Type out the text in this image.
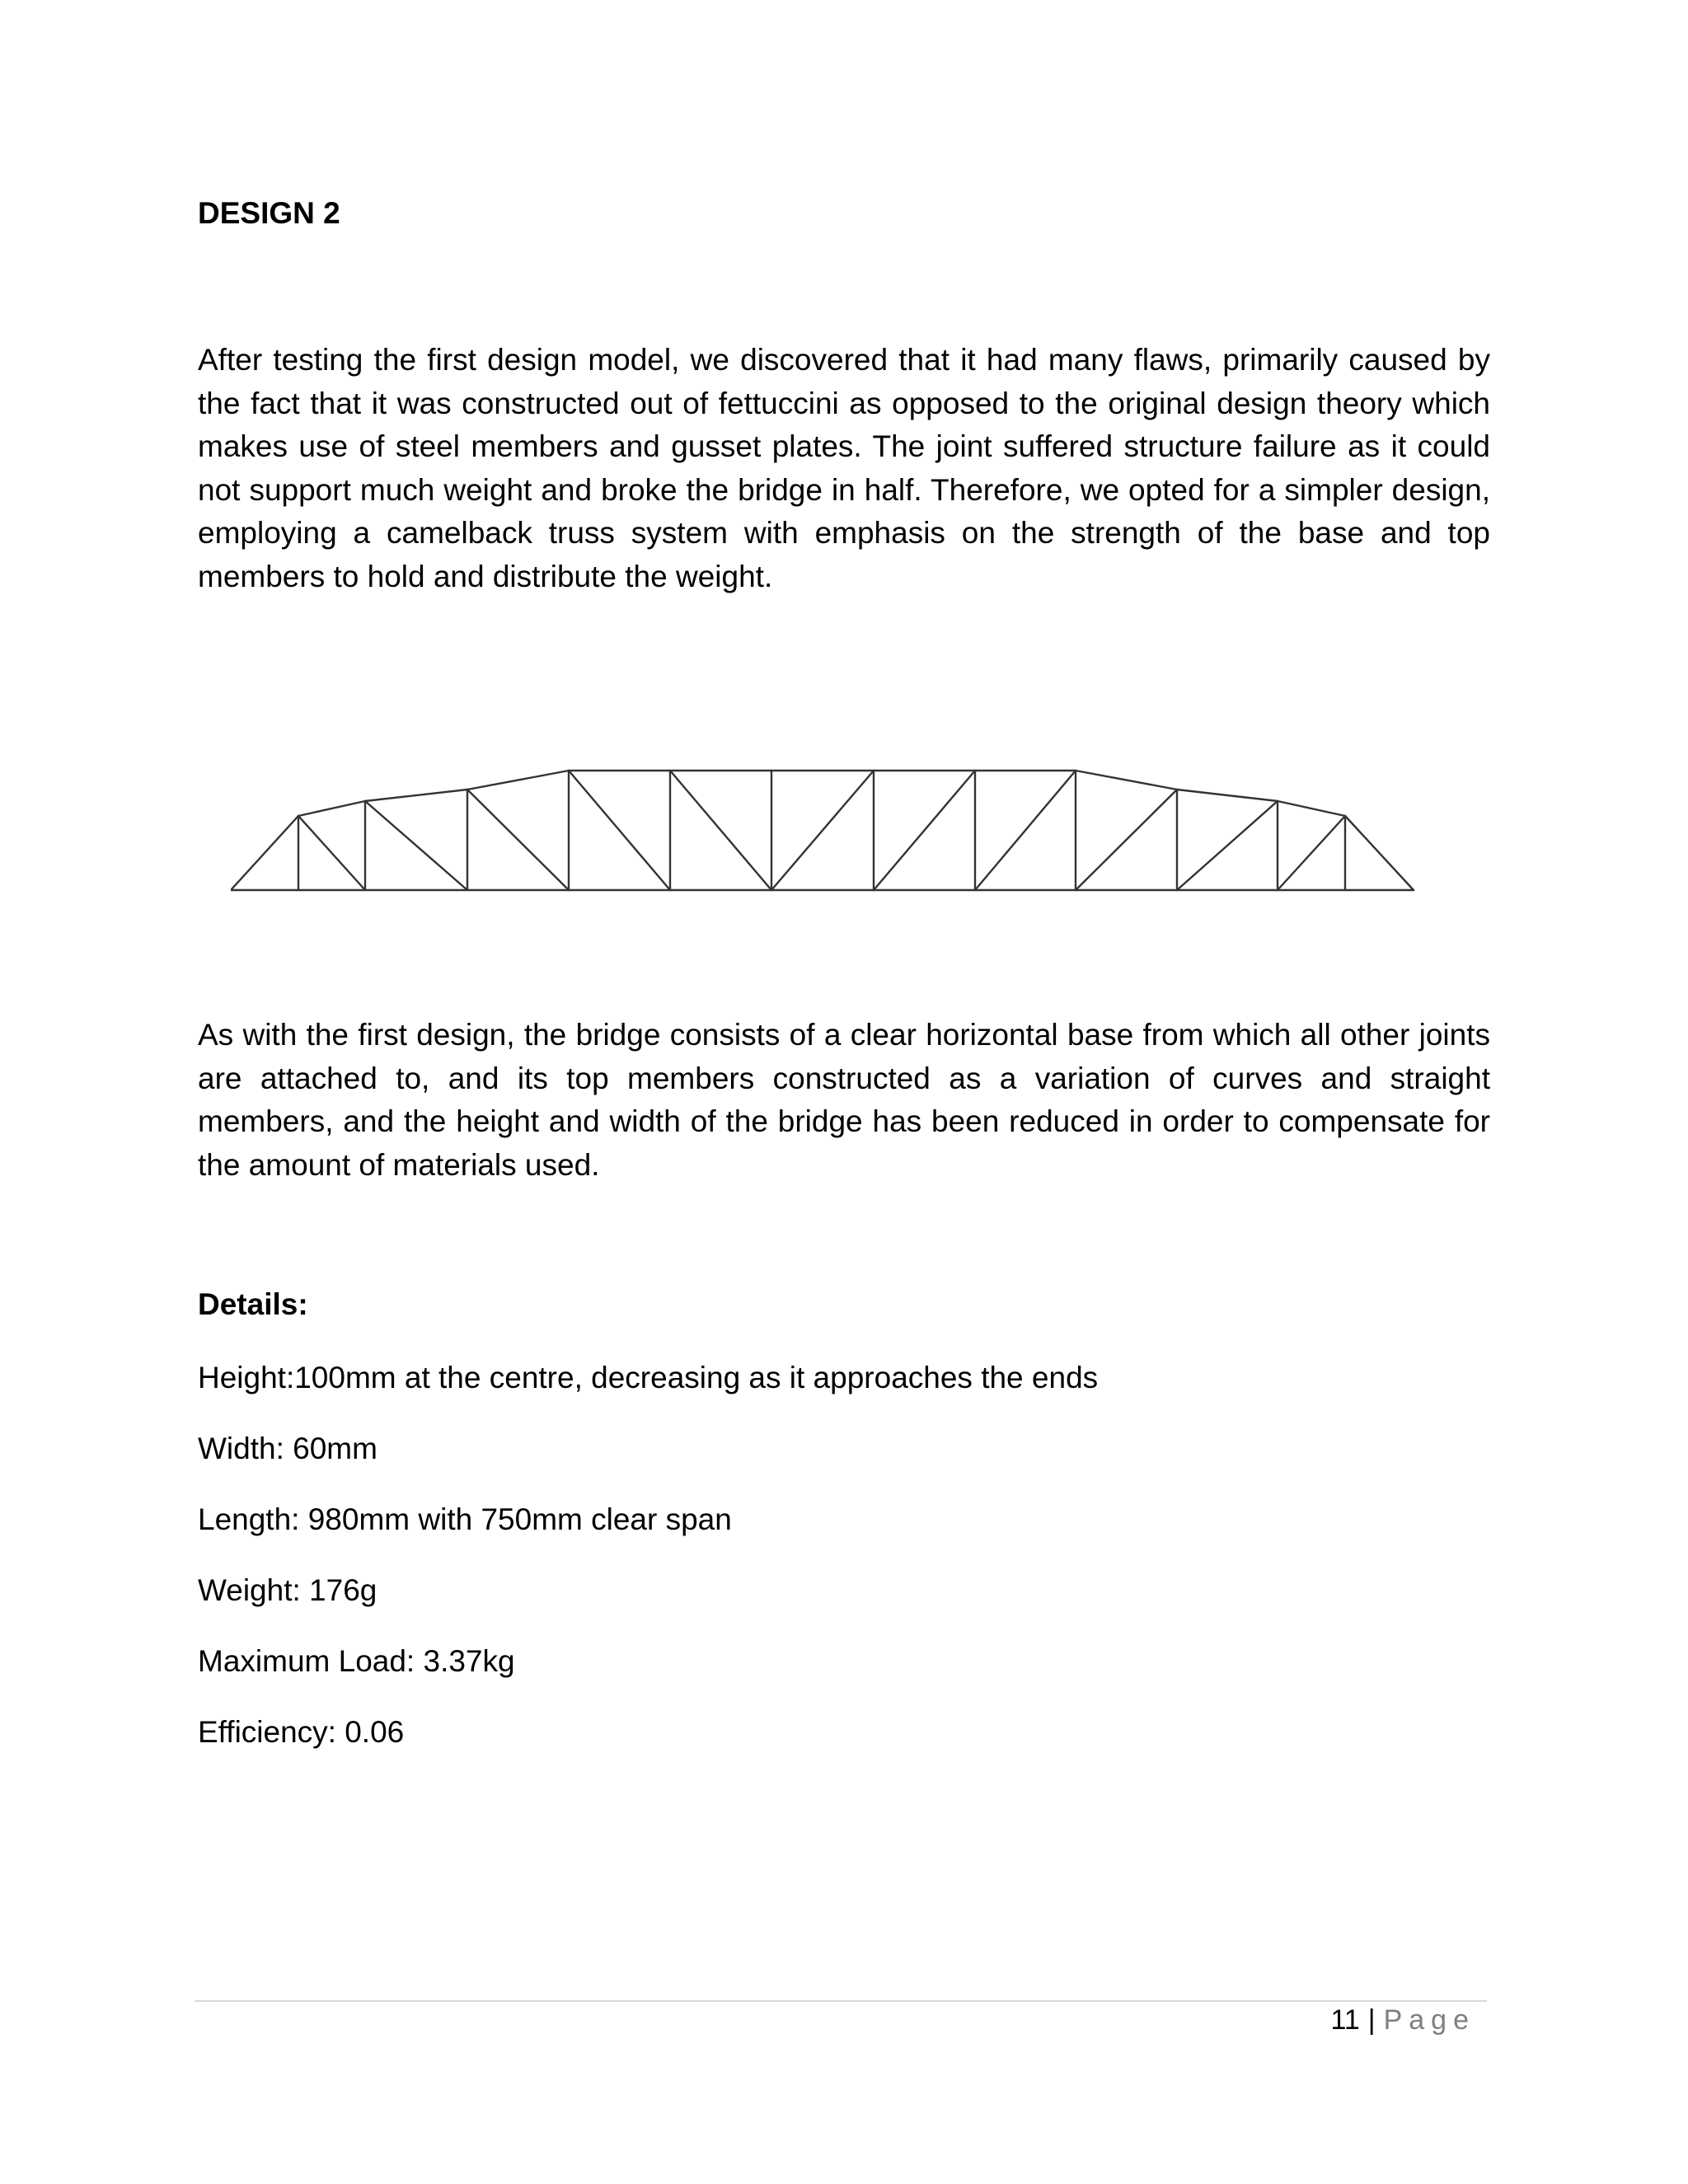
DESIGN 2

After testing the first design model, we discovered that it had many flaws, primarily caused by the fact that it was constructed out of fettuccini as opposed to the original design theory which makes use of steel members and gusset plates. The joint suffered structure failure as it could not support much weight and broke the bridge in half. Therefore, we opted for a simpler design, employing a camelback truss system with emphasis on the strength of the base and top members to hold and distribute the weight.

As with the first design, the bridge consists of a clear horizontal base from which all other joints are attached to, and its top members constructed as a variation of curves and straight members, and the height and width of the bridge has been reduced in order to compensate for the amount of materials used.

Details:
Height:100mm at the centre, decreasing as it approaches the ends
Width: 60mm
Length: 980mm with 750mm clear span
Weight: 176g
Maximum Load: 3.37kg
Efficiency: 0.06
11 | Page
